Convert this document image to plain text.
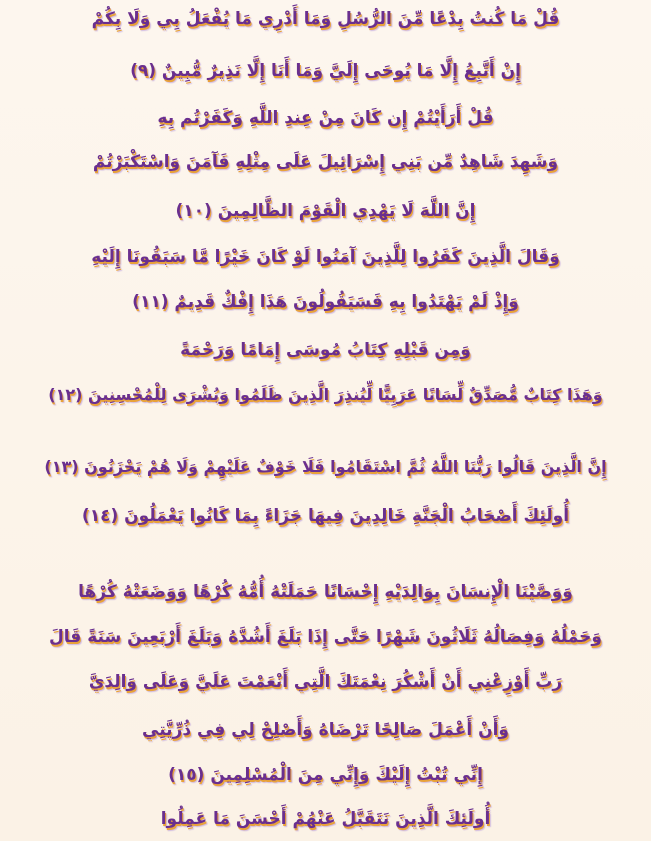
قُلْ مَا كُنتُ بِدْعًا مِّنَ الرُّسُلِ وَمَا أَدْرِي مَا يُفْعَلُ بِي وَلَا بِكُمْ
إِنْ أَتَّبِعُ إِلَّا مَا يُوحَى إِلَيَّ وَمَا أَنَا إِلَّا نَذِيرٌ مُّبِينٌ (٩)
قُلْ أَرَأَيْتُمْ إِن كَانَ مِنْ عِندِ اللَّهِ وَكَفَرْتُم بِهِ
وَشَهِدَ شَاهِدٌ مِّن بَنِي إِسْرَائِيلَ عَلَى مِثْلِهِ فَآمَنَ وَاسْتَكْبَرْتُمْ
إِنَّ اللَّهَ لَا يَهْدِي الْقَوْمَ الظَّالِمِينَ (١٠)
وَقَالَ الَّذِينَ كَفَرُوا لِلَّذِينَ آمَنُوا لَوْ كَانَ خَيْرًا مَّا سَبَقُونَا إِلَيْهِ
وَإِذْ لَمْ يَهْتَدُوا بِهِ فَسَيَقُولُونَ هَذَا إِفْكٌ قَدِيمٌ (١١)
وَمِن قَبْلِهِ كِتَابُ مُوسَى إِمَامًا وَرَحْمَةً
وَهَذَا كِتَابٌ مُّصَدِّقٌ لِّسَانًا عَرَبِيًّا لِّيُنذِرَ الَّذِينَ ظَلَمُوا وَبُشْرَى لِلْمُحْسِنِينَ (١٢)
إِنَّ الَّذِينَ قَالُوا رَبُّنَا اللَّهُ ثُمَّ اسْتَقَامُوا فَلَا خَوْفٌ عَلَيْهِمْ وَلَا هُمْ يَحْزَنُونَ (١٣)
أُولَئِكَ أَصْحَابُ الْجَنَّةِ خَالِدِينَ فِيهَا جَزَاءً بِمَا كَانُوا يَعْمَلُونَ (١٤)
وَوَصَّيْنَا الْإِنسَانَ بِوَالِدَيْهِ إِحْسَانًا حَمَلَتْهُ أُمُّهُ كُرْهًا وَوَضَعَتْهُ كُرْهًا
وَحَمْلُهُ وَفِصَالُهُ ثَلَاثُونَ شَهْرًا حَتَّى إِذَا بَلَغَ أَشُدَّهُ وَبَلَغَ أَرْبَعِينَ سَنَةً قَالَ
رَبِّ أَوْزِعْنِي أَنْ أَشْكُرَ نِعْمَتَكَ الَّتِي أَنْعَمْتَ عَلَيَّ وَعَلَى وَالِدَيَّ
وَأَنْ أَعْمَلَ صَالِحًا تَرْضَاهُ وَأَصْلِحْ لِي فِي ذُرِّيَّتِي
إِنِّي تُبْتُ إِلَيْكَ وَإِنِّي مِنَ الْمُسْلِمِينَ (١٥)
أُولَئِكَ الَّذِينَ نَتَقَبَّلُ عَنْهُمْ أَحْسَنَ مَا عَمِلُوا
